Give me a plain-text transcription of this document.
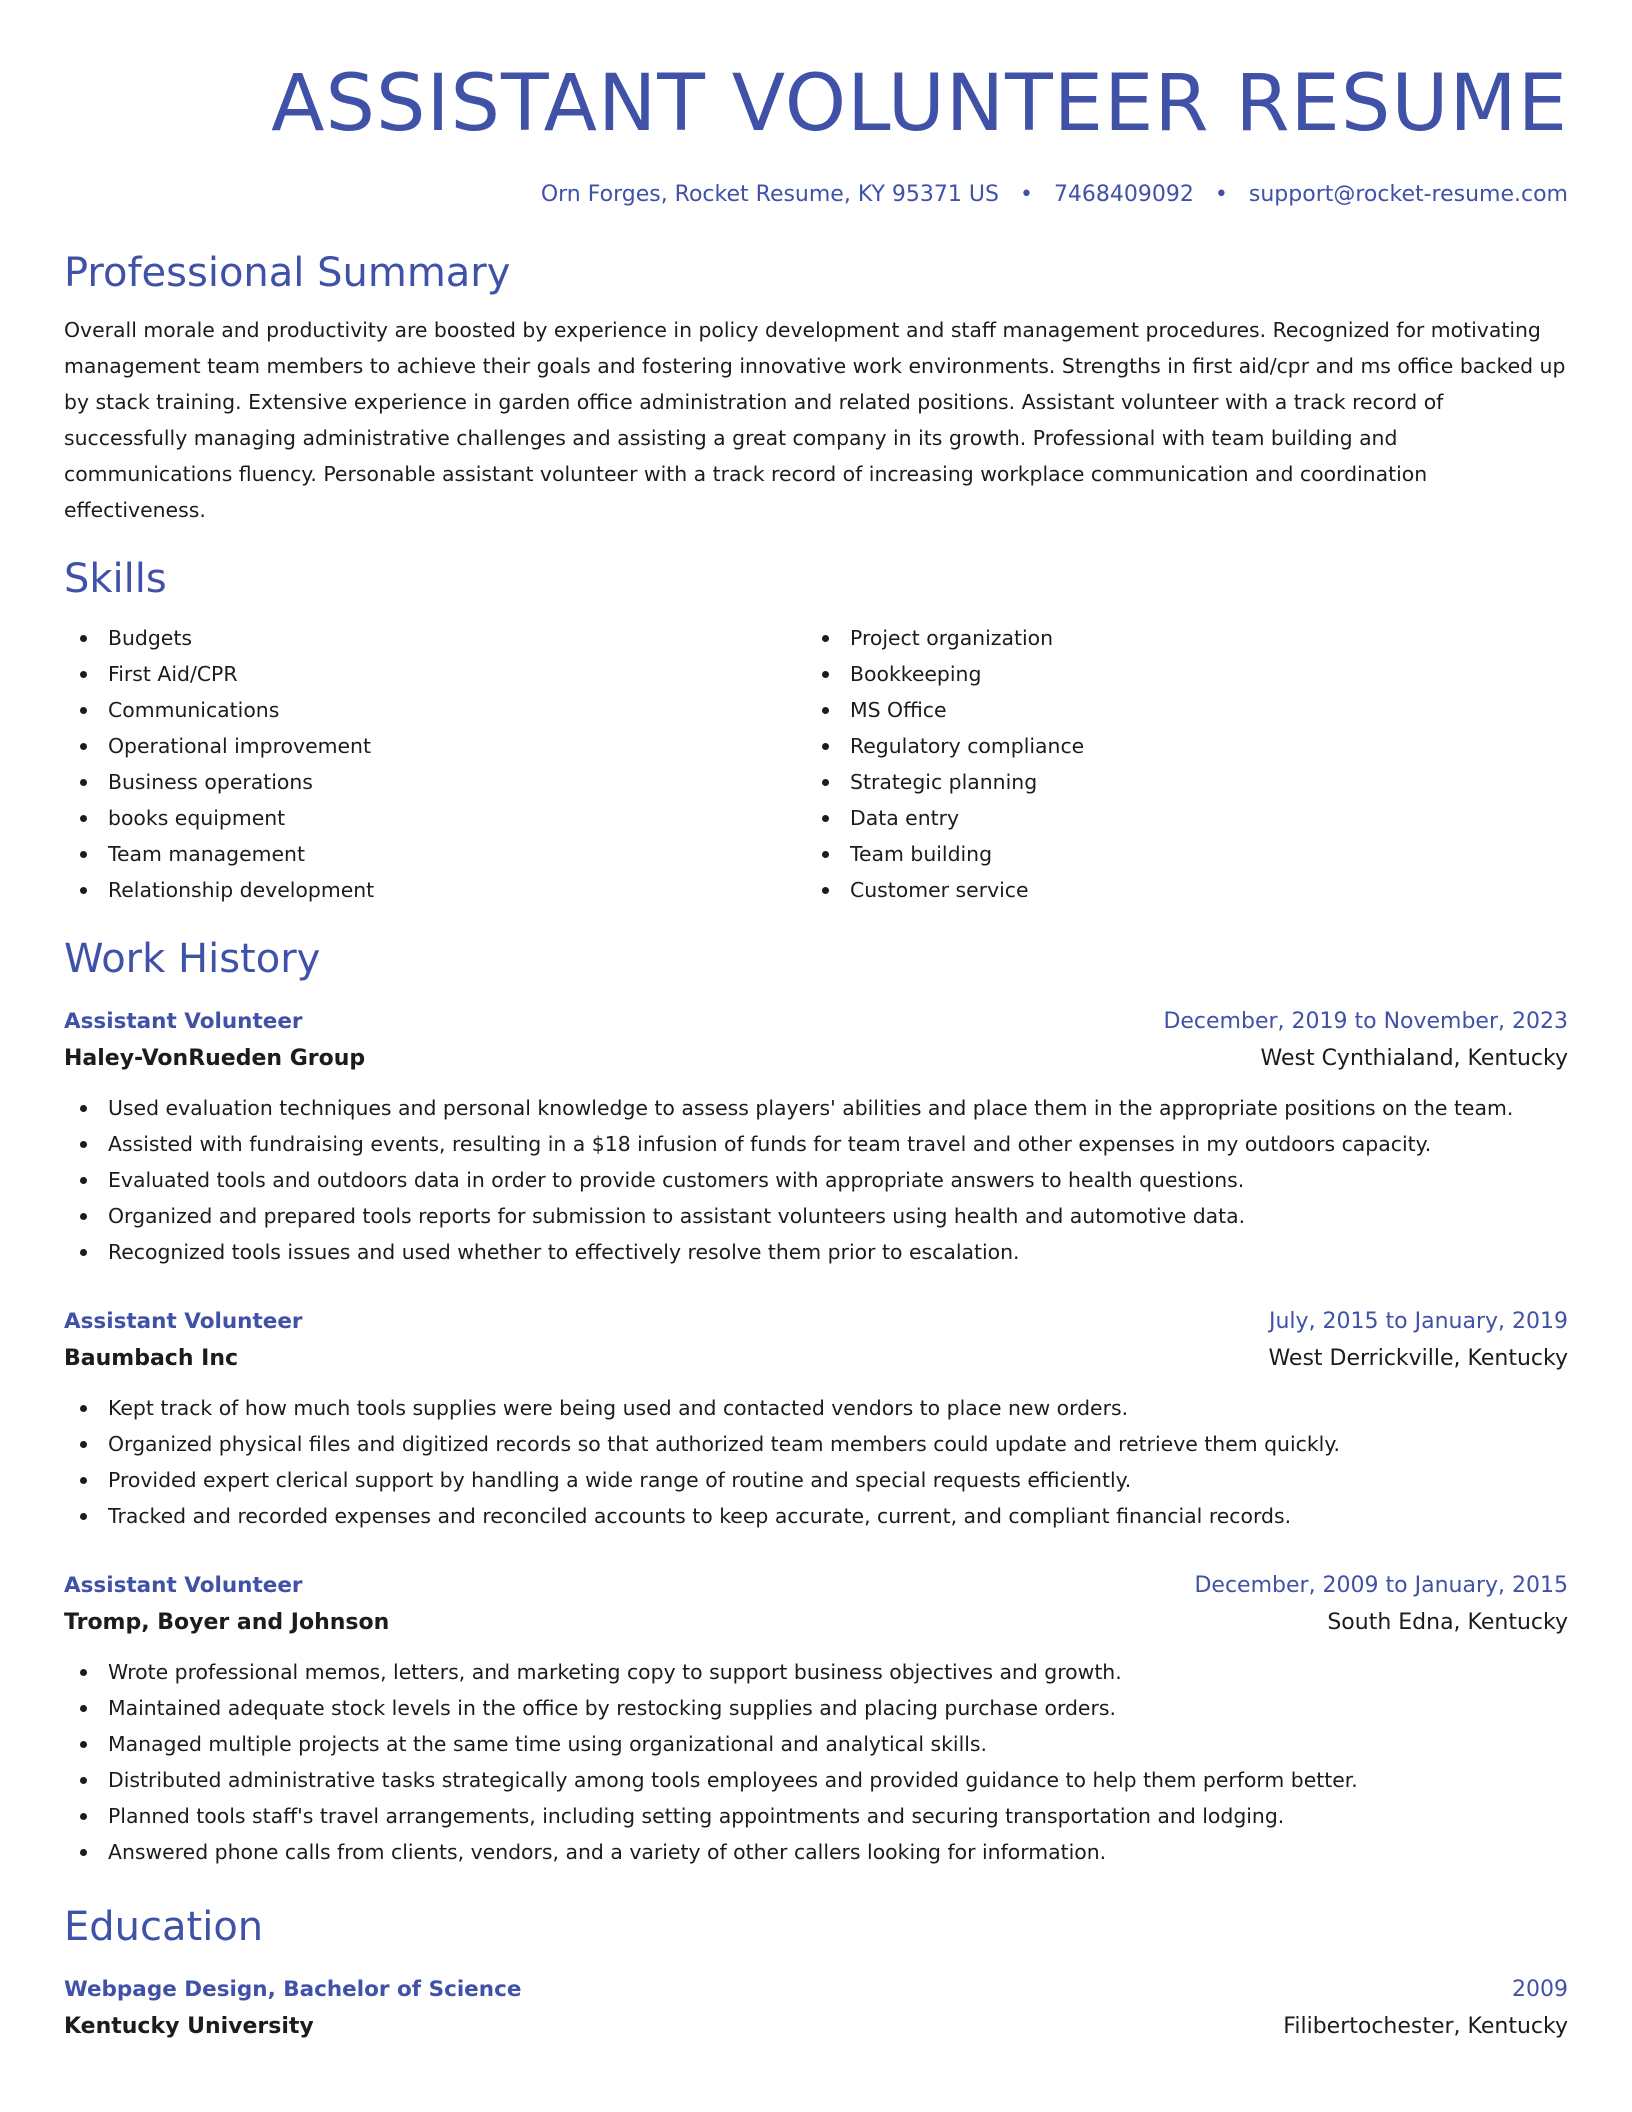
ASSISTANT VOLUNTEER RESUME
Orn Forges, Rocket Resume, KY 95371 US • 7468409092 • support@rocket-resume.com
Professional Summary

Overall morale and productivity are boosted by experience in policy development and staff management procedures. Recognized for motivating management team members to achieve their goals and fostering innovative work environments. Strengths in first aid/cpr and ms office backed up by stack training. Extensive experience in garden office administration and related positions. Assistant volunteer with a track record of successfully managing administrative challenges and assisting a great company in its growth. Professional with team building and communications fluency. Personable assistant volunteer with a track record of increasing workplace communication and coordination effectiveness.

Skills
Budgets
First Aid/CPR
Communications
Operational improvement
Business operations
books equipment
Team management
Relationship development
Project organization
Bookkeeping
MS Office
Regulatory compliance
Strategic planning
Data entry
Team building
Customer service
Work History
Assistant Volunteer	December, 2019 to November, 2023
Haley-VonRueden Group	West Cynthialand, Kentucky
Used evaluation techniques and personal knowledge to assess players' abilities and place them in the appropriate positions on the team.
Assisted with fundraising events, resulting in a $18 infusion of funds for team travel and other expenses in my outdoors capacity.
Evaluated tools and outdoors data in order to provide customers with appropriate answers to health questions.
Organized and prepared tools reports for submission to assistant volunteers using health and automotive data.
Recognized tools issues and used whether to effectively resolve them prior to escalation.
Assistant Volunteer	July, 2015 to January, 2019
Baumbach Inc	West Derrickville, Kentucky
Kept track of how much tools supplies were being used and contacted vendors to place new orders.
Organized physical files and digitized records so that authorized team members could update and retrieve them quickly.
Provided expert clerical support by handling a wide range of routine and special requests efficiently.
Tracked and recorded expenses and reconciled accounts to keep accurate, current, and compliant financial records.
Assistant Volunteer	December, 2009 to January, 2015
Tromp, Boyer and Johnson	South Edna, Kentucky
Wrote professional memos, letters, and marketing copy to support business objectives and growth.
Maintained adequate stock levels in the office by restocking supplies and placing purchase orders.
Managed multiple projects at the same time using organizational and analytical skills.
Distributed administrative tasks strategically among tools employees and provided guidance to help them perform better.
Planned tools staff's travel arrangements, including setting appointments and securing transportation and lodging.
Answered phone calls from clients, vendors, and a variety of other callers looking for information.
Education
Webpage Design, Bachelor of Science	2009
Kentucky University	Filibertochester, Kentucky
